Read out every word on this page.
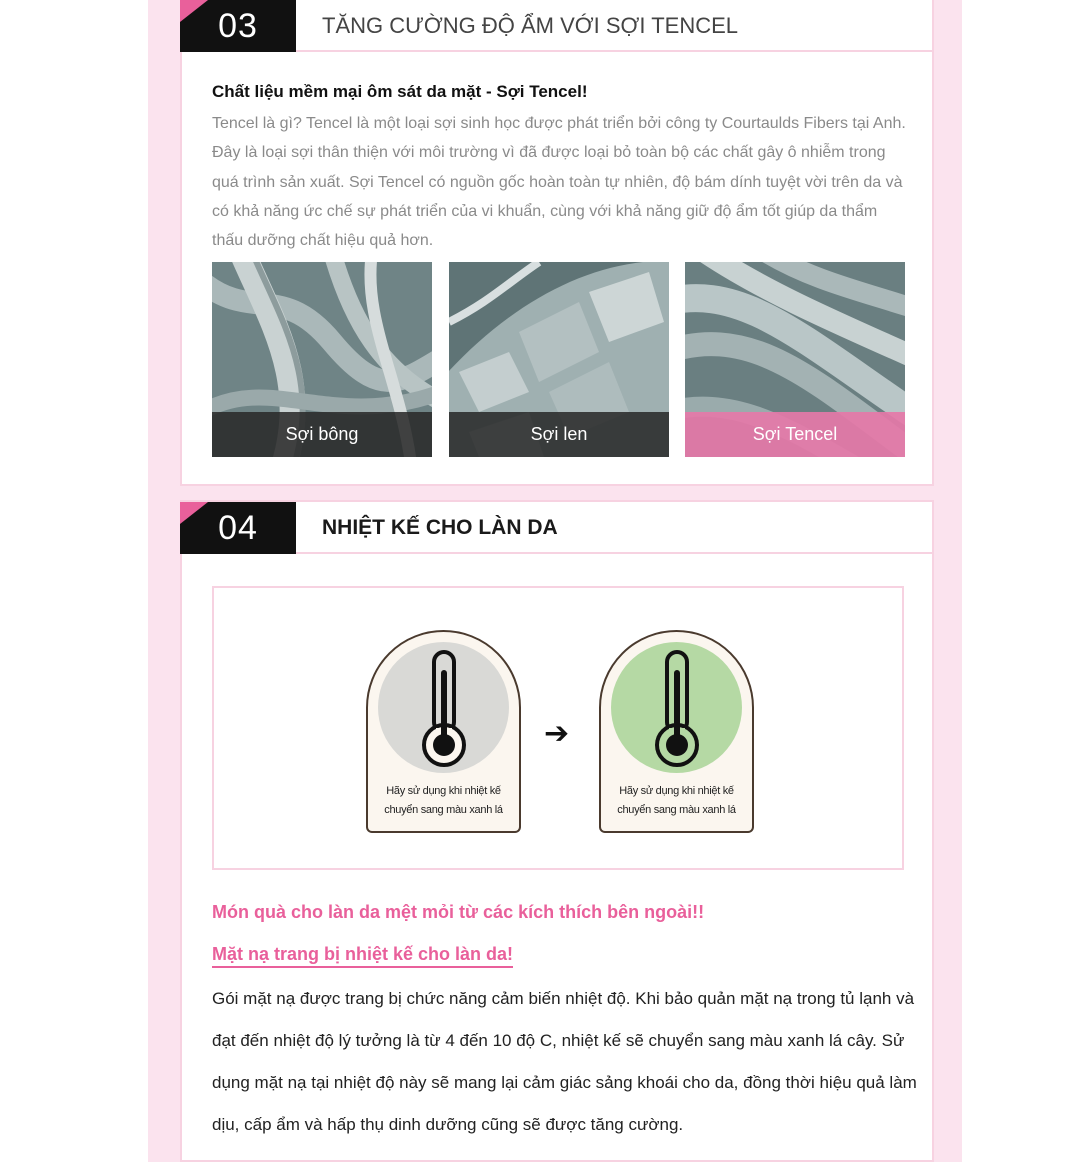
03	TĂNG CƯỜNG ĐỘ ẨM VỚI SỢI TENCEL
Chất liệu mềm mại ôm sát da mặt - Sợi Tencel!
Tencel là gì? Tencel là một loại sợi sinh học được phát triển bởi công ty Courtaulds Fibers tại Anh. Đây là loại sợi thân thiện với môi trường vì đã được loại bỏ toàn bộ các chất gây ô nhiễm trong quá trình sản xuất. Sợi Tencel có nguồn gốc hoàn toàn tự nhiên, độ bám dính tuyệt vời trên da và có khả năng ức chế sự phát triển của vi khuẩn, cùng với khả năng giữ độ ẩm tốt giúp da thẩm thấu dưỡng chất hiệu quả hơn.
Sợi bông	Sợi len	Sợi Tencel
04	NHIỆT KẾ CHO LÀN DA
Hãy sử dụng khi nhiệt kế
chuyển sang màu xanh lá
➔
Hãy sử dụng khi nhiệt kế
chuyển sang màu xanh lá
Món quà cho làn da mệt mỏi từ các kích thích bên ngoài!!
Mặt nạ trang bị nhiệt kế cho làn da!
Gói mặt nạ được trang bị chức năng cảm biến nhiệt độ. Khi bảo quản mặt nạ trong tủ lạnh và đạt đến nhiệt độ lý tưởng là từ 4 đến 10 độ C, nhiệt kế sẽ chuyển sang màu xanh lá cây. Sử dụng mặt nạ tại nhiệt độ này sẽ mang lại cảm giác sảng khoái cho da, đồng thời hiệu quả làm dịu, cấp ẩm và hấp thụ dinh dưỡng cũng sẽ được tăng cường.
